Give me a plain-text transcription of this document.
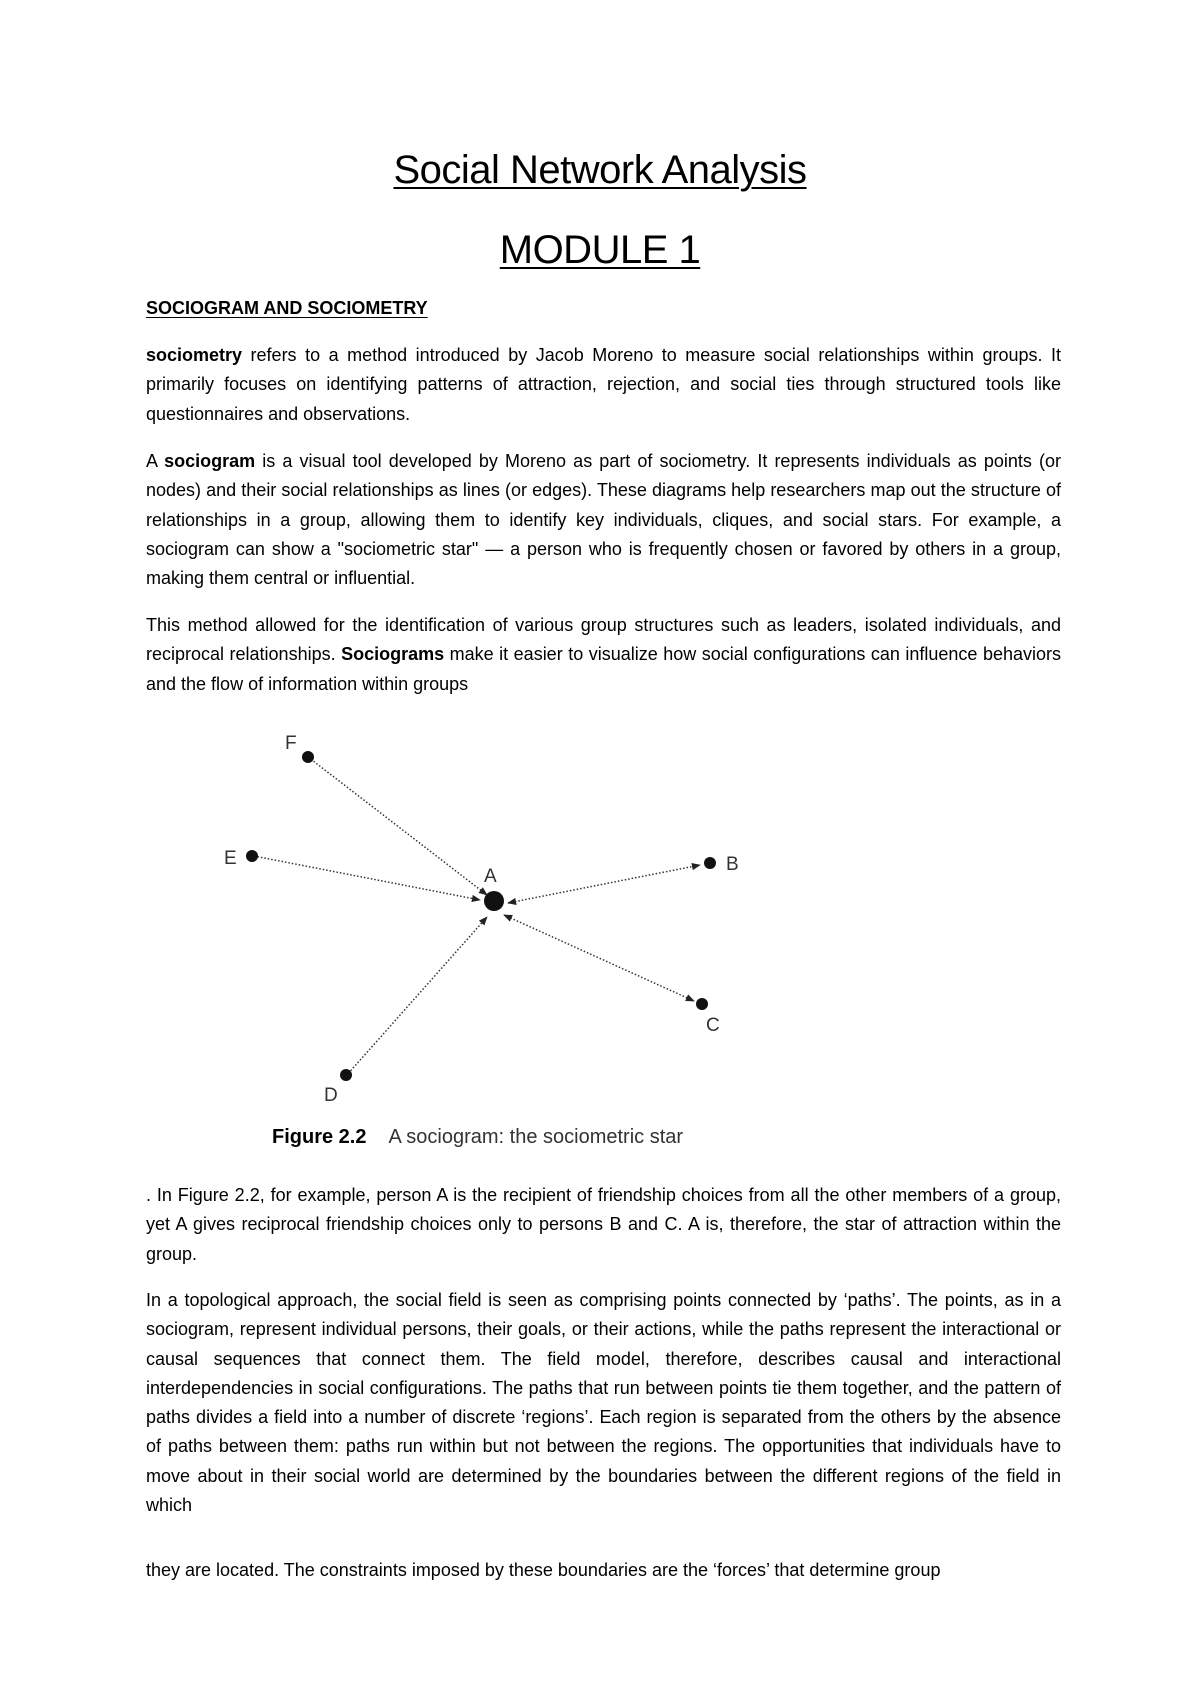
Social Network Analysis
MODULE 1
SOCIOGRAM AND SOCIOMETRY

sociometry refers to a method introduced by Jacob Moreno to measure social relationships within groups. It primarily focuses on identifying patterns of attraction, rejection, and social ties through structured tools like questionnaires and observations.

A sociogram is a visual tool developed by Moreno as part of sociometry. It represents individuals as points (or nodes) and their social relationships as lines (or edges). These diagrams help researchers map out the structure of relationships in a group, allowing them to identify key individuals, cliques, and social stars. For example, a sociogram can show a "sociometric star" — a person who is frequently chosen or favored by others in a group, making them central or influential.

This method allowed for the identification of various group structures such as leaders, isolated individuals, and reciprocal relationships. Sociograms make it easier to visualize how social configurations can influence behaviors and the flow of information within groups

A
B
C
D
E
F

Figure 2.2 A sociogram: the sociometric star

. In Figure 2.2, for example, person A is the recipient of friendship choices from all the other members of a group, yet A gives reciprocal friendship choices only to persons B and C. A is, therefore, the star of attraction within the group.

In a topological approach, the social field is seen as comprising points connected by ‘paths’. The points, as in a sociogram, represent individual persons, their goals, or their actions, while the paths represent the interactional or causal sequences that connect them. The field model, therefore, describes causal and interactional interdependencies in social configurations. The paths that run between points tie them together, and the pattern of paths divides a field into a number of discrete ‘regions’. Each region is separated from the others by the absence of paths between them: paths run within but not between the regions. The opportunities that individuals have to move about in their social world are determined by the boundaries between the different regions of the field in which

they are located. The constraints imposed by these boundaries are the ‘forces’ that determine group
